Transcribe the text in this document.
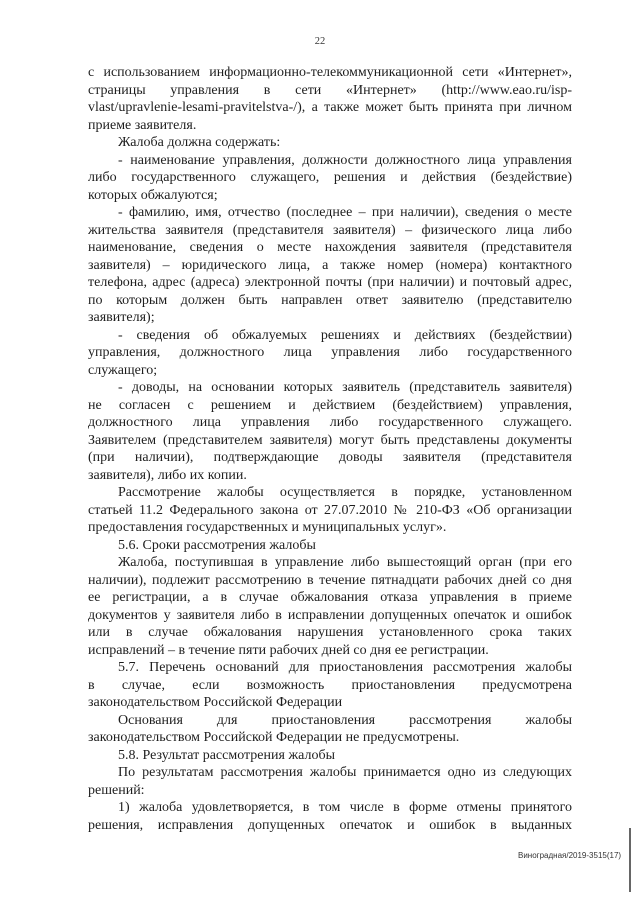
22
с использованием информационно-телекоммуникационной сети «Интернет»,
страницы управления в сети «Интернет» (http://www.eao.ru/isp-
vlast/upravlenie-lesami-pravitelstva-/), а также может быть принята при личном
приеме заявителя.
Жалоба должна содержать:
- наименование управления, должности должностного лица управления
либо государственного служащего, решения и действия (бездействие)
которых обжалуются;
- фамилию, имя, отчество (последнее – при наличии), сведения о месте
жительства заявителя (представителя заявителя) – физического лица либо
наименование, сведения о месте нахождения заявителя (представителя
заявителя) – юридического лица, а также номер (номера) контактного
телефона, адрес (адреса) электронной почты (при наличии) и почтовый адрес,
по которым должен быть направлен ответ заявителю (представителю
заявителя);
- сведения об обжалуемых решениях и действиях (бездействии)
управления, должностного лица управления либо государственного
служащего;
- доводы, на основании которых заявитель (представитель заявителя)
не согласен с решением и действием (бездействием) управления,
должностного лица управления либо государственного служащего.
Заявителем (представителем заявителя) могут быть представлены документы
(при наличии), подтверждающие доводы заявителя (представителя
заявителя), либо их копии.
Рассмотрение жалобы осуществляется в порядке, установленном
статьей 11.2 Федерального закона от 27.07.2010 № 210-ФЗ «Об организации
предоставления государственных и муниципальных услуг».
5.6. Сроки рассмотрения жалобы
Жалоба, поступившая в управление либо вышестоящий орган (при его
наличии), подлежит рассмотрению в течение пятнадцати рабочих дней со дня
ее регистрации, а в случае обжалования отказа управления в приеме
документов у заявителя либо в исправлении допущенных опечаток и ошибок
или в случае обжалования нарушения установленного срока таких
исправлений – в течение пяти рабочих дней со дня ее регистрации.
5.7. Перечень оснований для приостановления рассмотрения жалобы
в случае, если возможность приостановления предусмотрена
законодательством Российской Федерации
Основания для приостановления рассмотрения жалобы
законодательством Российской Федерации не предусмотрены.
5.8. Результат рассмотрения жалобы
По результатам рассмотрения жалобы принимается одно из следующих
решений:
1) жалоба удовлетворяется, в том числе в форме отмены принятого
решения, исправления допущенных опечаток и ошибок в выданных
Виноградная/2019-3515(17)
